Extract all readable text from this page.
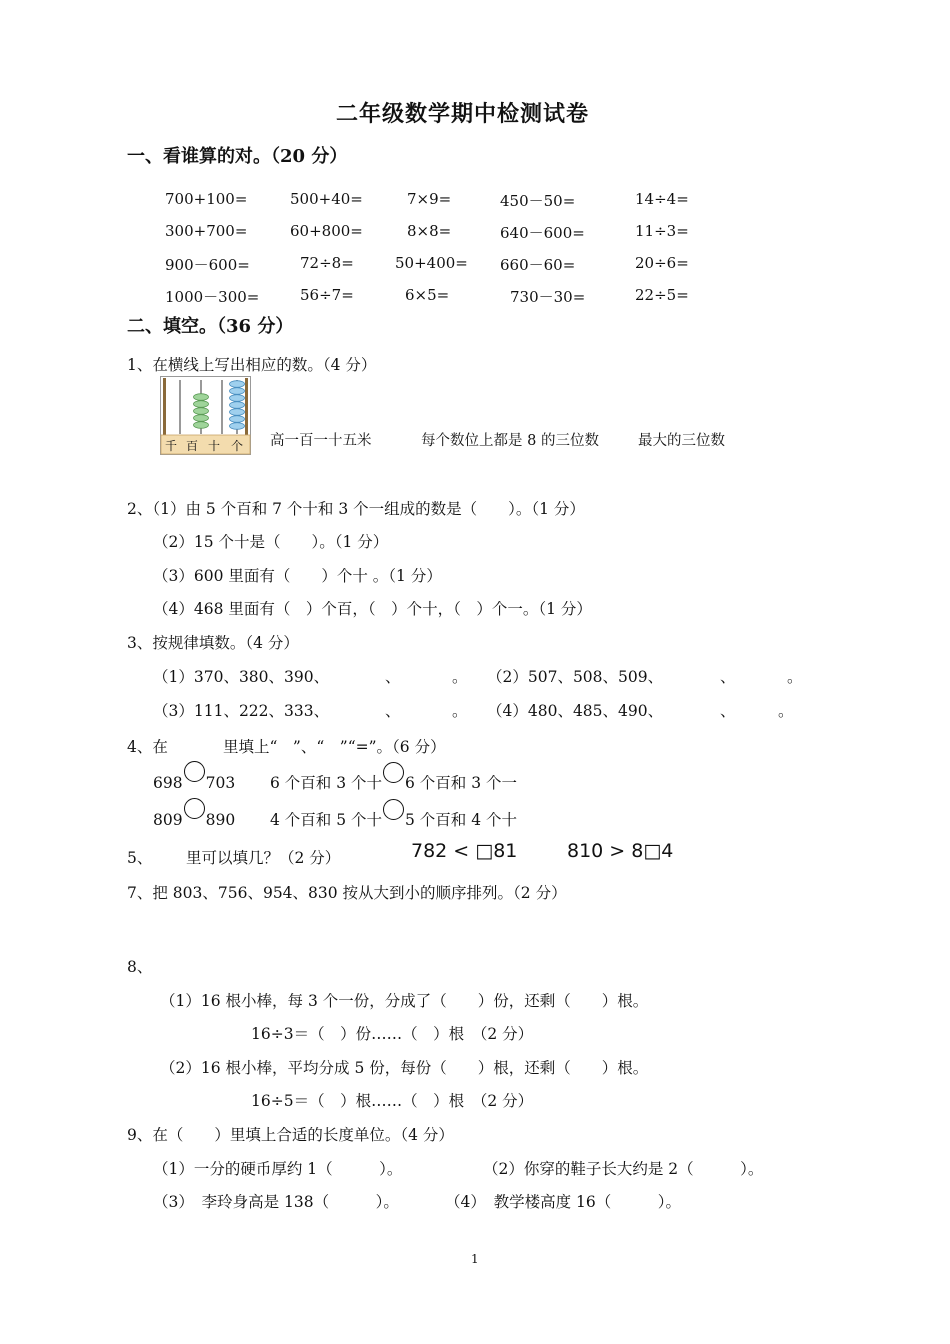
二年级数学期中检测试卷
一、看谁算的对。（20 分）
700+100=	500+40=	7×9=	450－50=	14÷4=
300+700=	60+800=	8×8=	640－600=	11÷3=
900－600=	72÷8=	50+400= 660－60=	20÷6=
1000－300=	56÷7=	6×5=	730－30=	22÷5=
二、填空。（36 分）
1、在横线上写出相应的数。（4 分）
千 百 十 个 高一百一十五米	每个数位上都是 8 的三位数	最大的三位数
2、（1）由 5 个百和 7 个十和 3 个一组成的数是（　　）。（1 分）
（2）15 个十是（　　）。（1 分）
（3）600 里面有（　　）个十 。（1 分）
（4）468 里面有（　）个百，（　）个十，（　）个一。（1 分）
3、按规律填数。（4 分）
（1）370、380、390、	、	。 （2）507、508、509、	、	。
（3）111、222、333、	、	。 （4）480、485、490、	、	。
4、在	里填上“　”、“　”“=”。（6 分）
698 703 6 个百和 3 个十 6 个百和 3 个一
809 890 4 个百和 5 个十 5 个百和 4 个十
5、 里可以填几？（2 分）	782 < □81	810 > 8□4
7、把 803、756、954、830 按从大到小的顺序排列。（2 分）
8、
（1）16 根小棒，每 3 个一份，分成了（　　）份，还剩（　　）根。
16÷3＝（　）份……（　）根　（2 分）
（2）16 根小棒，平均分成 5 份，每份（　　）根，还剩（　　）根。
16÷5＝（　）根……（　）根　（2 分）
9、在（　　）里填上合适的长度单位。（4 分）
（1）一分的硬币厚约 1（　　　）。	（2）你穿的鞋子长大约是 2（　　　）。
（3）　李玲身高是 138（　　　）。	（4）　教学楼高度 16（　　　）。
1
